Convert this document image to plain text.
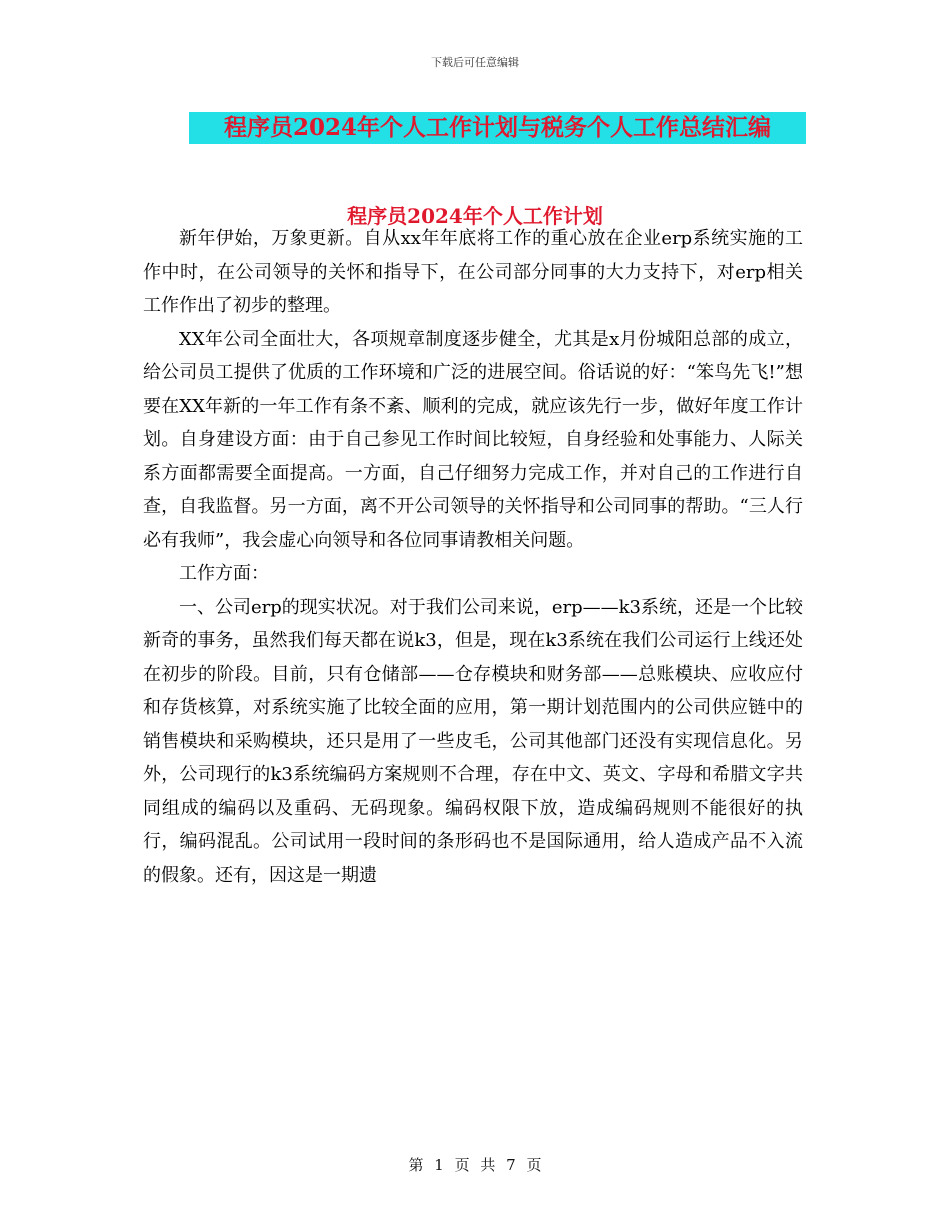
下载后可任意编辑
程序员2024年个人工作计划与税务个人工作总结汇编
程序员2024年个人工作计划

新年伊始，万象更新。自从xx年年底将工作的重心放在企业erp系统实施的工作中时，在公司领导的关怀和指导下，在公司部分同事的大力支持下，对erp相关工作作出了初步的整理。

XX年公司全面壮大，各项规章制度逐步健全，尤其是x月份城阳总部的成立，给公司员工提供了优质的工作环境和广泛的进展空间。俗话说的好：“笨鸟先飞!”想要在XX年新的一年工作有条不紊、顺利的完成，就应该先行一步，做好年度工作计划。自身建设方面：由于自己参见工作时间比较短，自身经验和处事能力、人际关系方面都需要全面提高。一方面，自己仔细努力完成工作，并对自己的工作进行自查，自我监督。另一方面，离不开公司领导的关怀指导和公司同事的帮助。“三人行必有我师”，我会虚心向领导和各位同事请教相关问题。

工作方面：

一、公司erp的现实状况。对于我们公司来说，erp——k3系统，还是一个比较新奇的事务，虽然我们每天都在说k3，但是，现在k3系统在我们公司运行上线还处在初步的阶段。目前，只有仓储部——仓存模块和财务部——总账模块、应收应付和存货核算，对系统实施了比较全面的应用，第一期计划范围内的公司供应链中的销售模块和采购模块，还只是用了一些皮毛，公司其他部门还没有实现信息化。另外，公司现行的k3系统编码方案规则不合理，存在中文、英文、字母和希腊文字共同组成的编码以及重码、无码现象。编码权限下放，造成编码规则不能很好的执行，编码混乱。公司试用一段时间的条形码也不是国际通用，给人造成产品不入流的假象。还有，因这是一期遗

第 1 页 共 7 页
